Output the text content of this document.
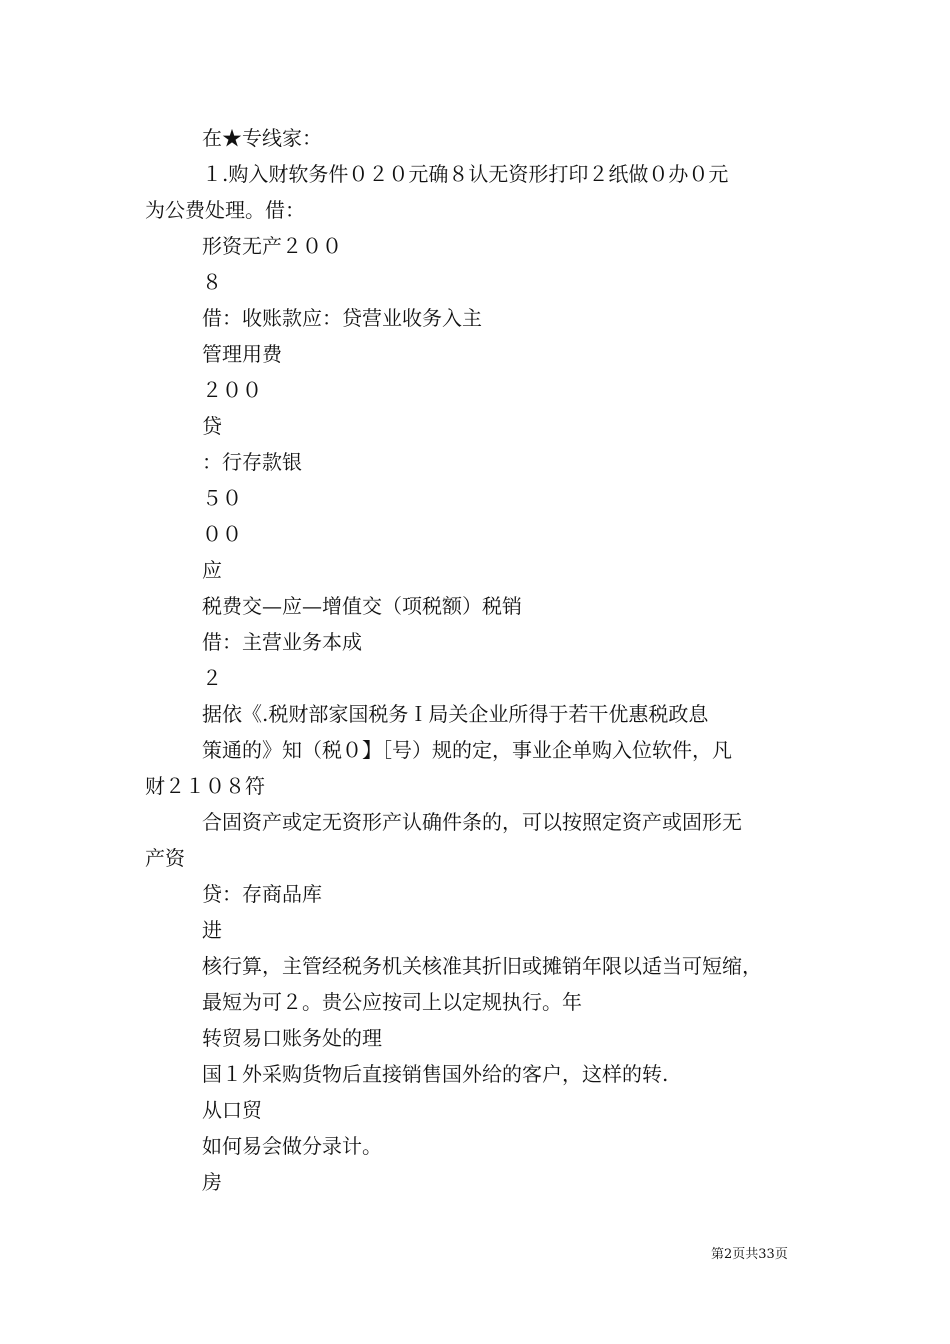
在★专线家：
１.购入财软务件０２０元确８认无资形打印２纸做０办０元
为公费处理。借：
形资无产２００
８
借：收账款应：贷营业收务入主
管理用费
２００
贷
：行存款银
５０
００
应
税费交—应—增值交（项税额）税销
借：主营业务本成
２
据依《.税财部家国税务Ｉ局关企业所得于若干优惠税政息
策通的》知（税０】［号）规的定，事业企单购入位软件，凡
财２１０８符
合固资产或定无资形产认确件条的，可以按照定资产或固形无
产资
贷：存商品库
进
核行算，主管经税务机关核准其折旧或摊销年限以适当可短缩，
最短为可２。贵公应按司上以定规执行。年
转贸易口账务处的理
国１外采购货物后直接销售国外给的客户，这样的转.
从口贸
如何易会做分录计。
房
第2页共33页
